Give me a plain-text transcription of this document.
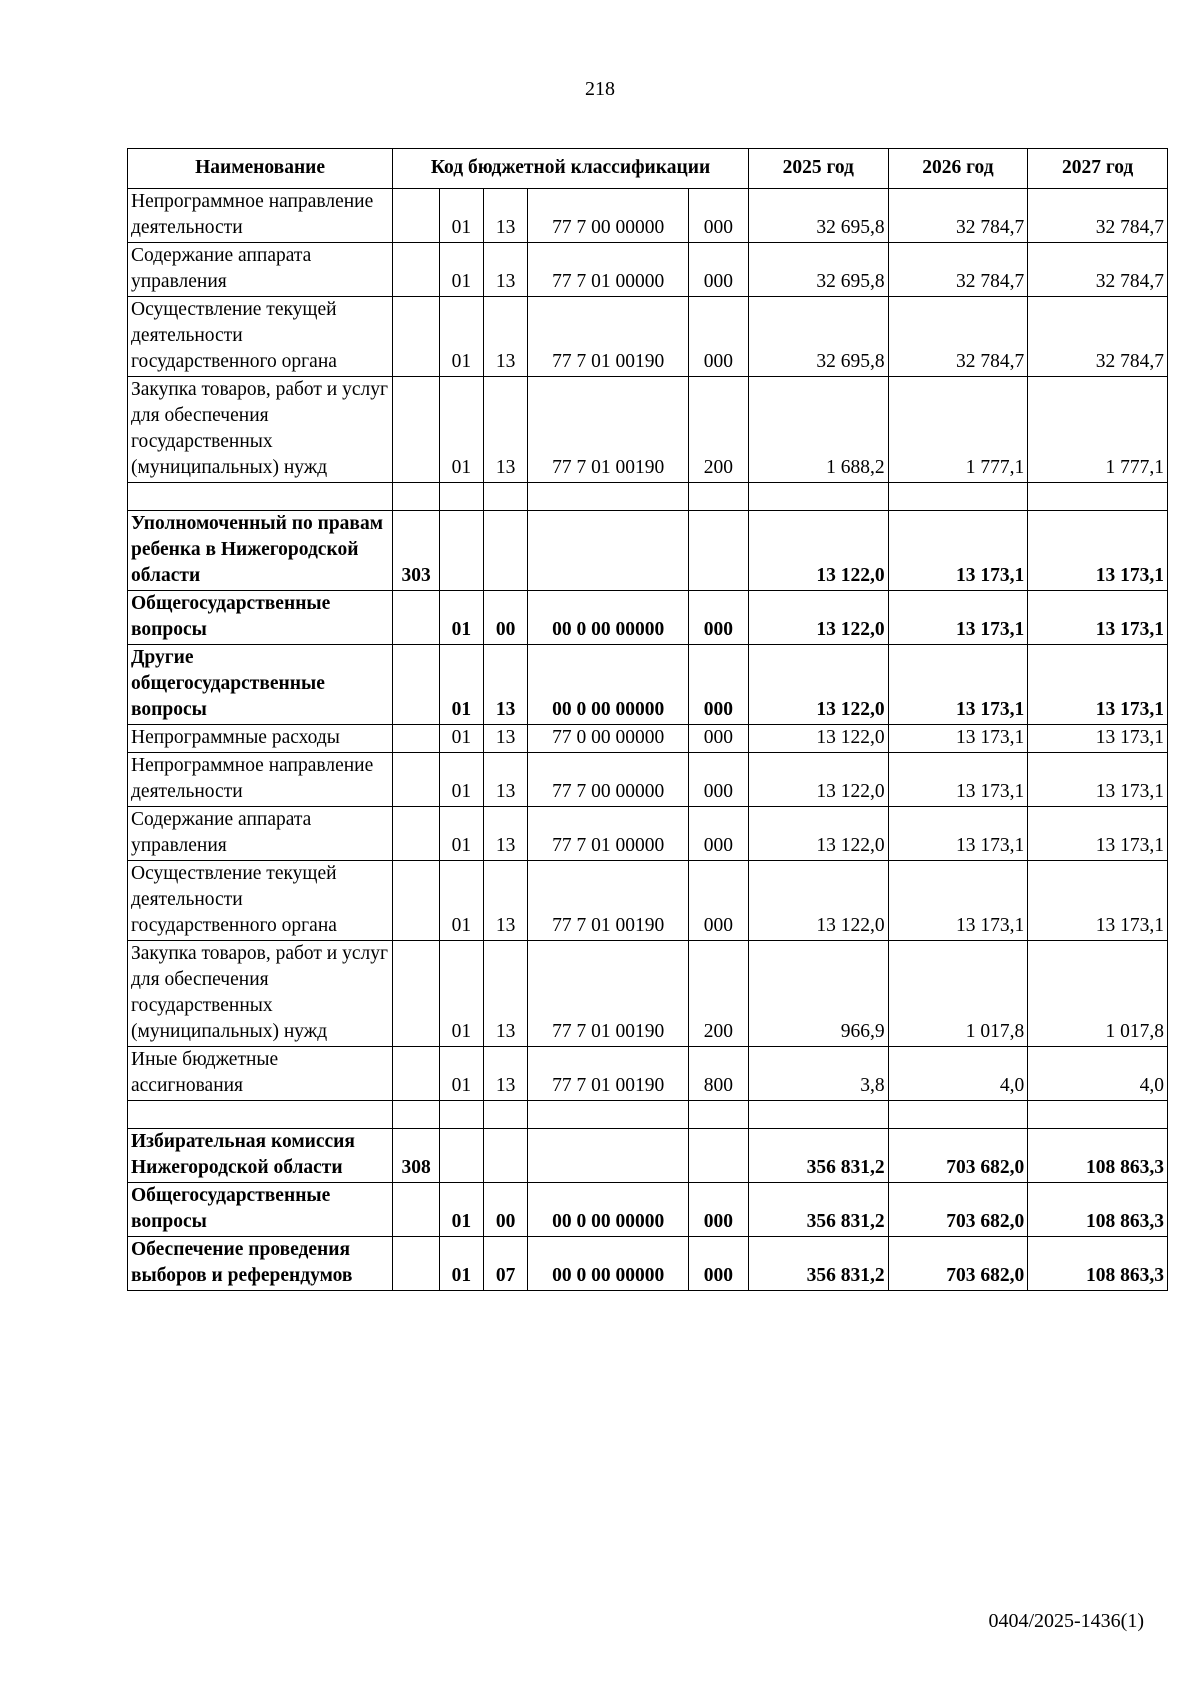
218
Наименование	Код бюджетной классификации					2025 год	2026 год	2027 год
Непрограммное направление деятельности		01	13	77 7 00 00000	000	32 695,8	32 784,7	32 784,7
Содержание аппарата управления		01	13	77 7 01 00000	000	32 695,8	32 784,7	32 784,7
Осуществление текущей деятельности государственного органа		01	13	77 7 01 00190	000	32 695,8	32 784,7	32 784,7
Закупка товаров, работ и услуг для обеспечения государственных (муниципальных) нужд		01	13	77 7 01 00190	200	1 688,2	1 777,1	1 777,1

Уполномоченный по правам ребенка в Нижегородской области	303					13 122,0	13 173,1	13 173,1
Общегосударственные вопросы		01	00	00 0 00 00000	000	13 122,0	13 173,1	13 173,1
Другие общегосударственные вопросы		01	13	00 0 00 00000	000	13 122,0	13 173,1	13 173,1
Непрограммные расходы		01	13	77 0 00 00000	000	13 122,0	13 173,1	13 173,1
Непрограммное направление деятельности		01	13	77 7 00 00000	000	13 122,0	13 173,1	13 173,1
Содержание аппарата управления		01	13	77 7 01 00000	000	13 122,0	13 173,1	13 173,1
Осуществление текущей деятельности государственного органа		01	13	77 7 01 00190	000	13 122,0	13 173,1	13 173,1
Закупка товаров, работ и услуг для обеспечения государственных (муниципальных) нужд		01	13	77 7 01 00190	200	966,9	1 017,8	1 017,8
Иные бюджетные ассигнования		01	13	77 7 01 00190	800	3,8	4,0	4,0

Избирательная комиссия Нижегородской области	308					356 831,2	703 682,0	108 863,3
Общегосударственные вопросы		01	00	00 0 00 00000	000	356 831,2	703 682,0	108 863,3
Обеспечение проведения выборов и референдумов		01	07	00 0 00 00000	000	356 831,2	703 682,0	108 863,3
0404/2025-1436(1)
